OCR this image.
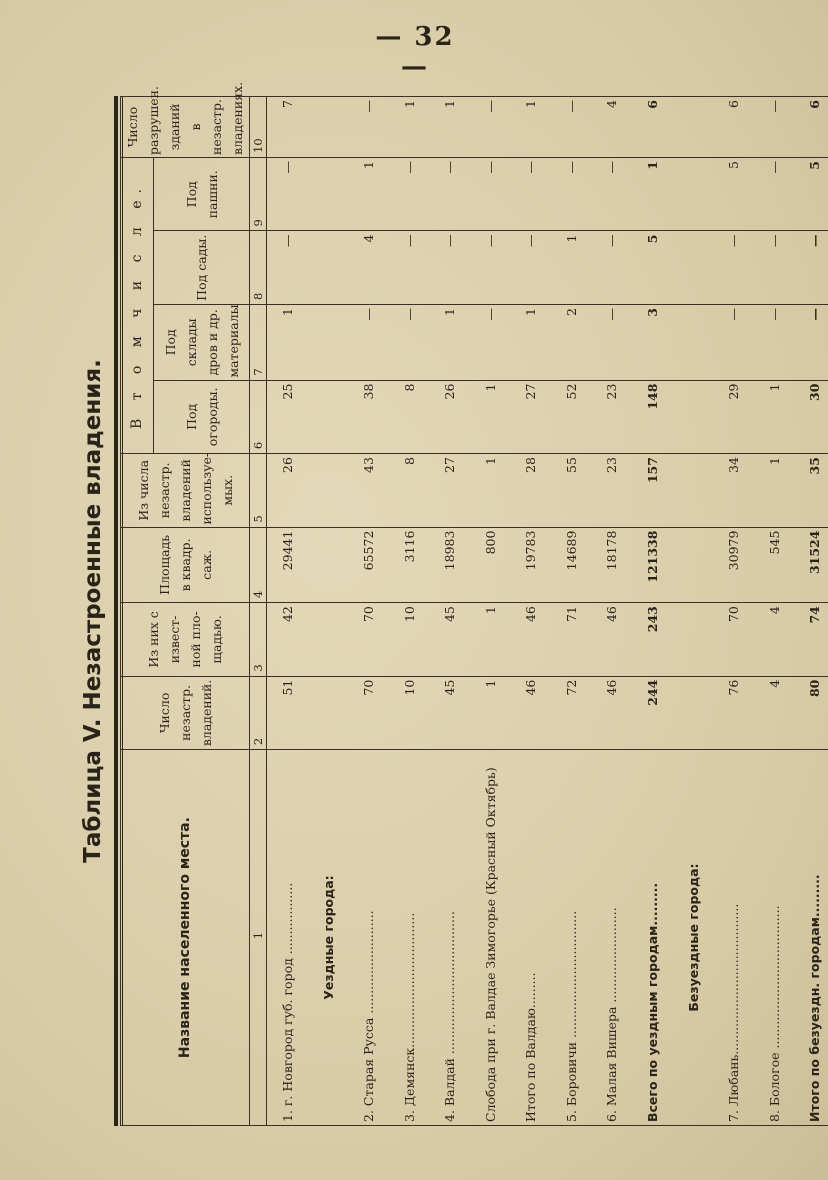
— 32 —
Таблица V. Незастроенные владения.
Название населенного места.	Число незастр. владений.	Из них с извест- ной пло- щадью.	Площадь в квадр. саж.	Из числа незастр. владений используе- мых.	В т о м ч и с л е.				Число разрушен. зданий в незастр. владениях.
					Под огороды.	Под склады дров и др. материалы	Под сады.	Под пашни.	
1	2	3	4	5	6	7	8	9	10
1. г. Новгород губ. город ..................	51	42	29441	26	25	1	—	—	7
Уездные города:									
2. Старая Русса ..........................	70	70	65572	43	38	—	4	1	—
3. Демянск..................................	10	10	3116	8	8	—	—	—	1
4. Валдай ....................................	45	45	18983	27	26	1	—	—	1
Слобода при г. Валдае Зимогорье (Красный Октябрь)	1	1	800	1	1	—	—	—	—
Итого по Валдаю.........	46	46	19783	28	27	1	—	—	1
5. Боровичи ................................	72	71	14689	55	52	2	1	—	—
6. Малая Вишера ........................	46	46	18178	23	23	—	—	—	4
Всего по уездным городам.........	244	243	121338	157	148	3	5	1	6
Безуездные города:									
7. Любань......................................	76	70	30979	34	29	—	—	5	6
8. Бологое ....................................	4	4	545	1	1	—	—	—	—
Итого по безуездн. городам.........	80	74	31524	35	30	—	—	5	6
